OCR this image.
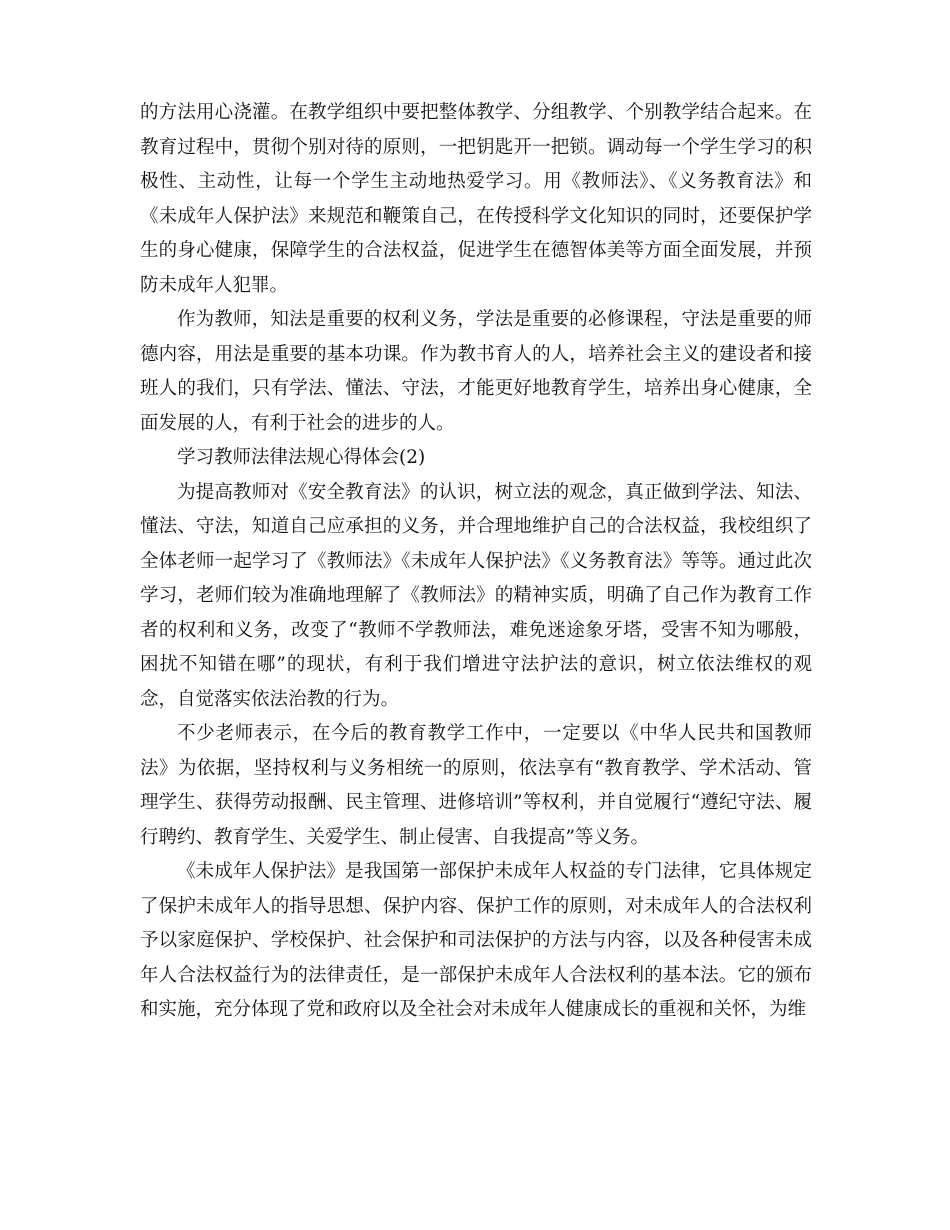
的方法用心浇灌。在教学组织中要把整体教学、分组教学、个别教学结合起来。在教育过程中，贯彻个别对待的原则，一把钥匙开一把锁。调动每一个学生学习的积极性、主动性，让每一个学生主动地热爱学习。用《教师法》、《义务教育法》和《未成年人保护法》来规范和鞭策自己，在传授科学文化知识的同时，还要保护学生的身心健康，保障学生的合法权益，促进学生在德智体美等方面全面发展，并预防未成年人犯罪。

作为教师，知法是重要的权利义务，学法是重要的必修课程，守法是重要的师德内容，用法是重要的基本功课。作为教书育人的人，培养社会主义的建设者和接班人的我们，只有学法、懂法、守法，才能更好地教育学生，培养出身心健康，全面发展的人，有利于社会的进步的人。

学习教师法律法规心得体会(2)

为提高教师对《安全教育法》的认识，树立法的观念，真正做到学法、知法、懂法、守法，知道自己应承担的义务，并合理地维护自己的合法权益，我校组织了全体老师一起学习了《教师法》《未成年人保护法》《义务教育法》等等。通过此次学习，老师们较为准确地理解了《教师法》的精神实质，明确了自己作为教育工作者的权利和义务，改变了“教师不学教师法，难免迷途象牙塔，受害不知为哪般，困扰不知错在哪”的现状，有利于我们增进守法护法的意识，树立依法维权的观念，自觉落实依法治教的行为。

不少老师表示，在今后的教育教学工作中，一定要以《中华人民共和国教师法》为依据，坚持权利与义务相统一的原则，依法享有“教育教学、学术活动、管理学生、获得劳动报酬、民主管理、进修培训”等权利，并自觉履行“遵纪守法、履行聘约、教育学生、关爱学生、制止侵害、自我提高”等义务。

《未成年人保护法》是我国第一部保护未成年人权益的专门法律，它具体规定了保护未成年人的指导思想、保护内容、保护工作的原则，对未成年人的合法权利予以家庭保护、学校保护、社会保护和司法保护的方法与内容，以及各种侵害未成年人合法权益行为的法律责任，是一部保护未成年人合法权利的基本法。它的颁布和实施，充分体现了党和政府以及全社会对未成年人健康成长的重视和关怀，为维
